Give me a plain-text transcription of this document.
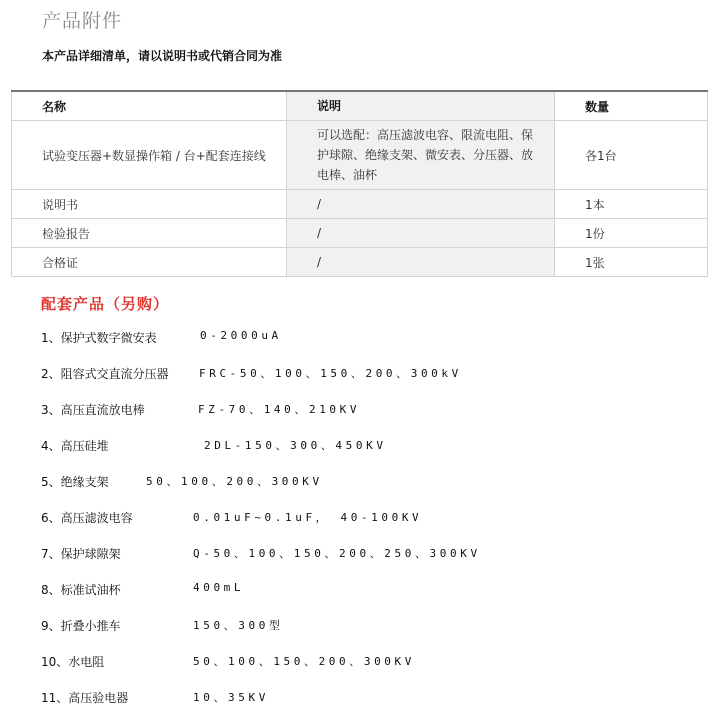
产品附件
本产品详细清单，请以说明书或代销合同为准
名称	说明	数量
试验变压器+数显操作箱 / 台+配套连接线	可以选配：高压滤波电容、限流电阻、保护球隙、绝缘支架、微安表、分压器、放电棒、油杯	各1台
说明书	/	1本
检验报告	/	1份
合格证	/	1张
配套产品（另购）
1、保护式数字微安表	0-2000uA
2、阻容式交直流分压器	FRC-50、100、150、200、300kV
3、高压直流放电棒	FZ-70、140、210KV
4、高压硅堆	2DL-150、300、450KV
5、绝缘支架	50、100、200、300KV
6、高压滤波电容	0.01uF~0.1uF， 40-100KV
7、保护球隙架	Q-50、100、150、200、250、300KV
8、标准试油杯	400mL
9、折叠小推车	150、300型
10、水电阻	50、100、150、200、300KV
11、高压验电器	10、35KV
